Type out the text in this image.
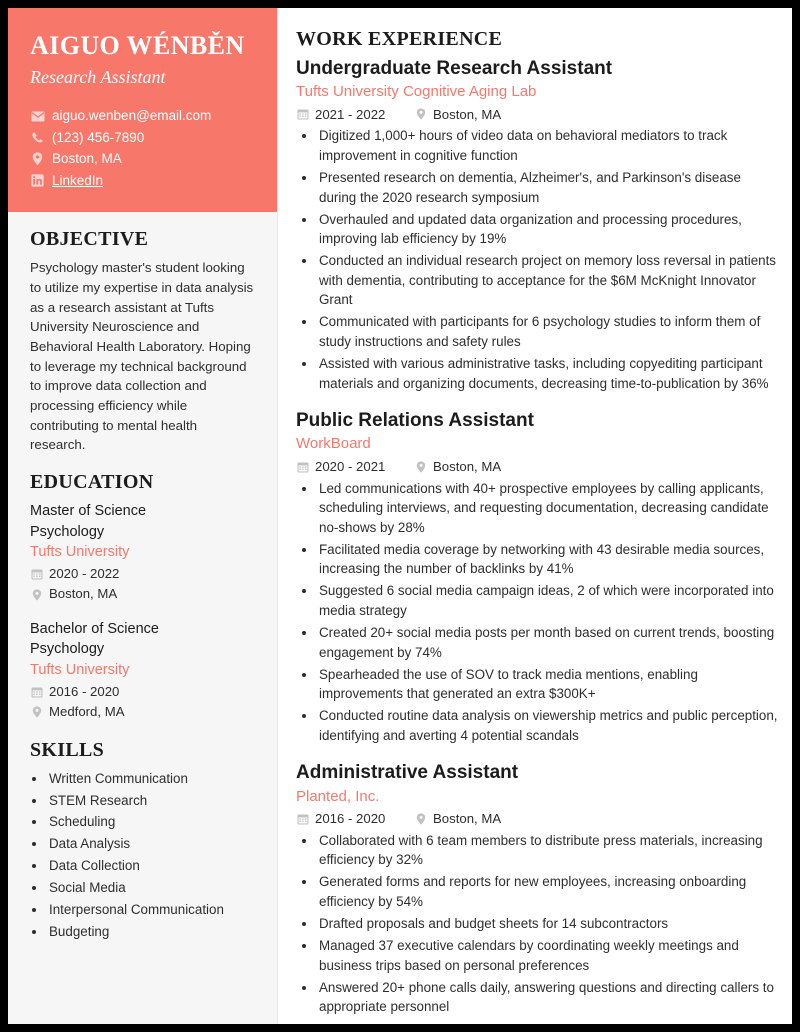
AIGUO WÉNBĚN
Research Assistant
aiguo.wenben@email.com
(123) 456-7890
Boston, MA
LinkedIn
OBJECTIVE

Psychology master's student looking to utilize my expertise in data analysis as a research assistant at Tufts University Neuroscience and Behavioral Health Laboratory. Hoping to leverage my technical background to improve data collection and processing efficiency while contributing to mental health research.

EDUCATION
Master of Science
Psychology
Tufts University
2020 - 2022
Boston, MA
Bachelor of Science
Psychology
Tufts University
2016 - 2020
Medford, MA
SKILLS
• Written Communication
• STEM Research
• Scheduling
• Data Analysis
• Data Collection
• Social Media
• Interpersonal Communication
• Budgeting
WORK EXPERIENCE
Undergraduate Research Assistant
Tufts University Cognitive Aging Lab
2021 - 2022	Boston, MA
• Digitized 1,000+ hours of video data on behavioral mediators to track improvement in cognitive function
• Presented research on dementia, Alzheimer's, and Parkinson's disease during the 2020 research symposium
• Overhauled and updated data organization and processing procedures, improving lab efficiency by 19%
• Conducted an individual research project on memory loss reversal in patients with dementia, contributing to acceptance for the $6M McKnight Innovator Grant
• Communicated with participants for 6 psychology studies to inform them of study instructions and safety rules
• Assisted with various administrative tasks, including copyediting participant materials and organizing documents, decreasing time-to-publication by 36%
Public Relations Assistant
WorkBoard
2020 - 2021	Boston, MA
• Led communications with 40+ prospective employees by calling applicants, scheduling interviews, and requesting documentation, decreasing candidate no-shows by 28%
• Facilitated media coverage by networking with 43 desirable media sources, increasing the number of backlinks by 41%
• Suggested 6 social media campaign ideas, 2 of which were incorporated into media strategy
• Created 20+ social media posts per month based on current trends, boosting engagement by 74%
• Spearheaded the use of SOV to track media mentions, enabling improvements that generated an extra $300K+
• Conducted routine data analysis on viewership metrics and public perception, identifying and averting 4 potential scandals
Administrative Assistant
Planted, Inc.
2016 - 2020	Boston, MA
• Collaborated with 6 team members to distribute press materials, increasing efficiency by 32%
• Generated forms and reports for new employees, increasing onboarding efficiency by 54%
• Drafted proposals and budget sheets for 14 subcontractors
• Managed 37 executive calendars by coordinating weekly meetings and business trips based on personal preferences
• Answered 20+ phone calls daily, answering questions and directing callers to appropriate personnel
